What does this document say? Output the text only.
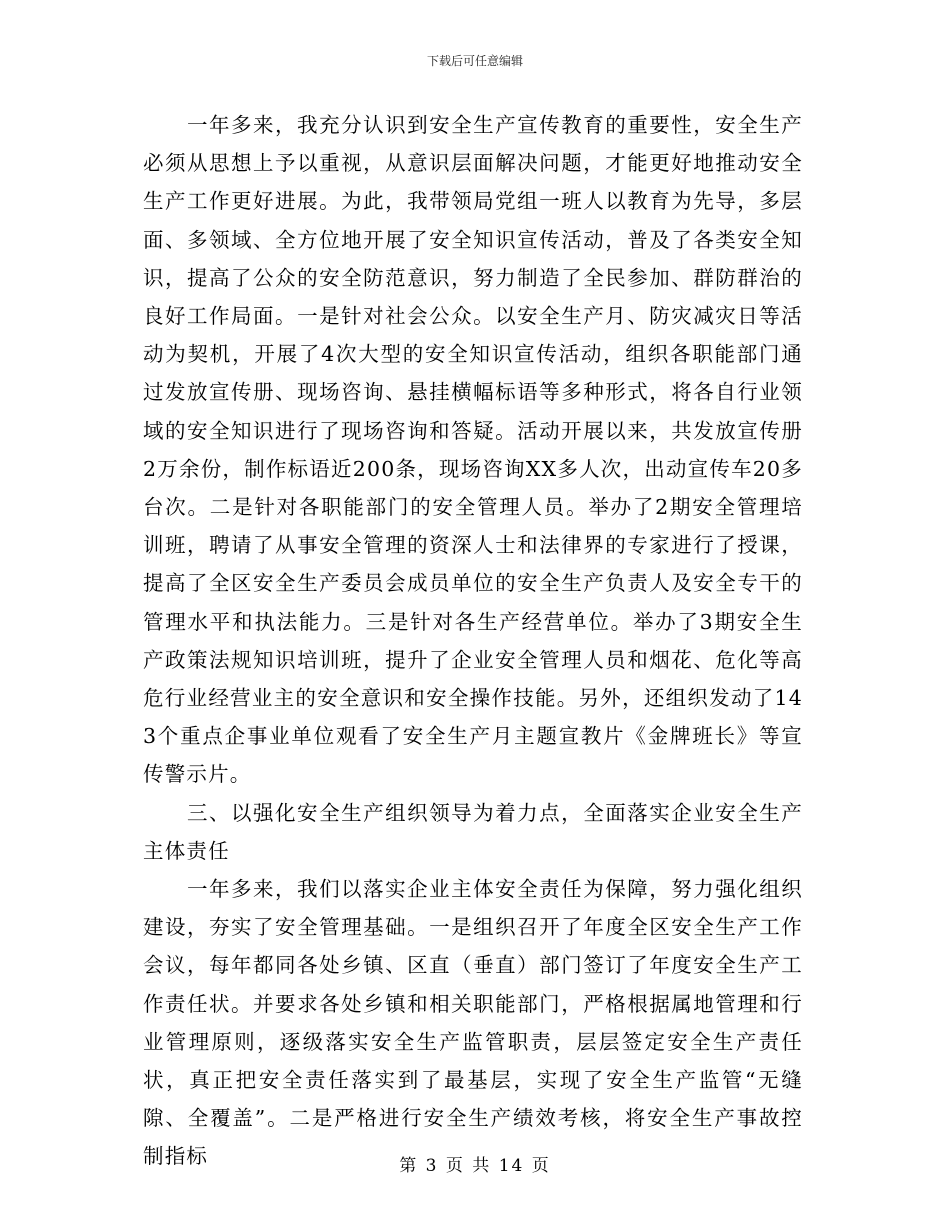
下载后可任意编辑

一年多来，我充分认识到安全生产宣传教育的重要性，安全生产必须从思想上予以重视，从意识层面解决问题，才能更好地推动安全生产工作更好进展。为此，我带领局党组一班人以教育为先导，多层面、多领域、全方位地开展了安全知识宣传活动，普及了各类安全知识，提高了公众的安全防范意识，努力制造了全民参加、群防群治的良好工作局面。一是针对社会公众。以安全生产月、防灾减灾日等活动为契机，开展了4次大型的安全知识宣传活动，组织各职能部门通过发放宣传册、现场咨询、悬挂横幅标语等多种形式，将各自行业领域的安全知识进行了现场咨询和答疑。活动开展以来，共发放宣传册2万余份，制作标语近200条，现场咨询XX多人次，出动宣传车20多台次。二是针对各职能部门的安全管理人员。举办了2期安全管理培训班，聘请了从事安全管理的资深人士和法律界的专家进行了授课，提高了全区安全生产委员会成员单位的安全生产负责人及安全专干的管理水平和执法能力。三是针对各生产经营单位。举办了3期安全生产政策法规知识培训班，提升了企业安全管理人员和烟花、危化等高危行业经营业主的安全意识和安全操作技能。另外，还组织发动了143个重点企事业单位观看了安全生产月主题宣教片《金牌班长》等宣传警示片。

三、以强化安全生产组织领导为着力点，全面落实企业安全生产主体责任

一年多来，我们以落实企业主体安全责任为保障，努力强化组织建设，夯实了安全管理基础。一是组织召开了年度全区安全生产工作会议，每年都同各处乡镇、区直（垂直）部门签订了年度安全生产工作责任状。并要求各处乡镇和相关职能部门，严格根据属地管理和行业管理原则，逐级落实安全生产监管职责，层层签定安全生产责任状，真正把安全责任落实到了最基层，实现了安全生产监管“无缝隙、全覆盖”。二是严格进行安全生产绩效考核，将安全生产事故控制指标	第 3 页 共 14 页
